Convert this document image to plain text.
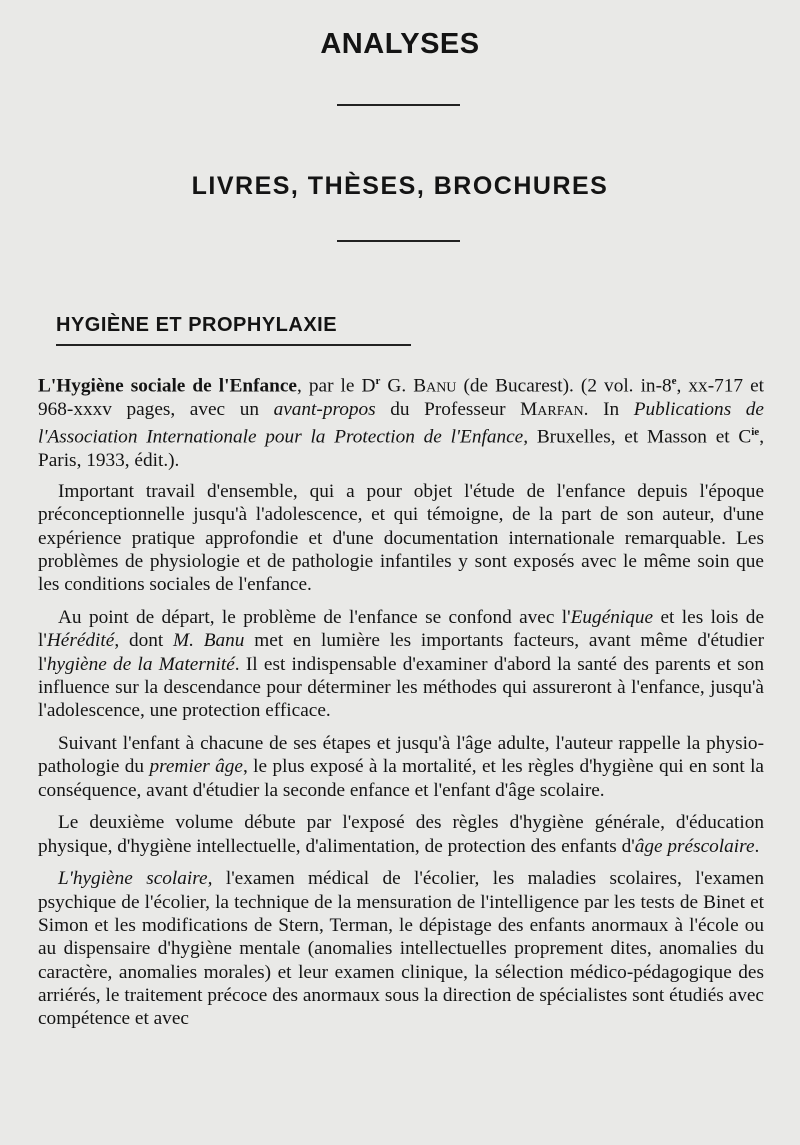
ANALYSES
LIVRES, THÈSES, BROCHURES
HYGIÈNE ET PROPHYLAXIE
L'Hygiène sociale de l'Enfance, par le $D^r$ G. Banu (de Bucarest). (2 vol. in-8e, xx-717 et 968-xxxv pages, avec un avant-propos du Professeur Marfan. In Publications de l'Association Internationale pour la Protection de l'Enfance, Bruxelles, et Masson et $C^{ie}$, Paris, 1933, édit.).

Important travail d'ensemble, qui a pour objet l'étude de l'enfance depuis l'époque préconceptionnelle jusqu'à l'adolescence, et qui témoigne, de la part de son auteur, d'une expérience pratique approfondie et d'une documentation internationale remarquable. Les problèmes de physiologie et de pathologie infantiles y sont exposés avec le même soin que les conditions sociales de l'enfance.

Au point de départ, le problème de l'enfance se confond avec l'Eugénique et les lois de l'Hérédité, dont M. Banu met en lumière les importants facteurs, avant même d'étudier l'hygiène de la Maternité. Il est indispensable d'examiner d'abord la santé des parents et son influence sur la descendance pour déterminer les méthodes qui assureront à l'enfance, jusqu'à l'adolescence, une protection efficace.

Suivant l'enfant à chacune de ses étapes et jusqu'à l'âge adulte, l'auteur rappelle la physio-pathologie du premier âge, le plus exposé à la mortalité, et les règles d'hygiène qui en sont la conséquence, avant d'étudier la seconde enfance et l'enfant d'âge scolaire.

Le deuxième volume débute par l'exposé des règles d'hygiène générale, d'éducation physique, d'hygiène intellectuelle, d'alimentation, de protection des enfants d'âge préscolaire.

L'hygiène scolaire, l'examen médical de l'écolier, les maladies scolaires, l'examen psychique de l'écolier, la technique de la mensuration de l'intelligence par les tests de Binet et Simon et les modifications de Stern, Terman, le dépistage des enfants anormaux à l'école ou au dispensaire d'hygiène mentale (anomalies intellectuelles proprement dites, anomalies du caractère, anomalies morales) et leur examen clinique, la sélection médico-pédagogique des arriérés, le traitement précoce des anormaux sous la direction de spécialistes sont étudiés avec compétence et avec
